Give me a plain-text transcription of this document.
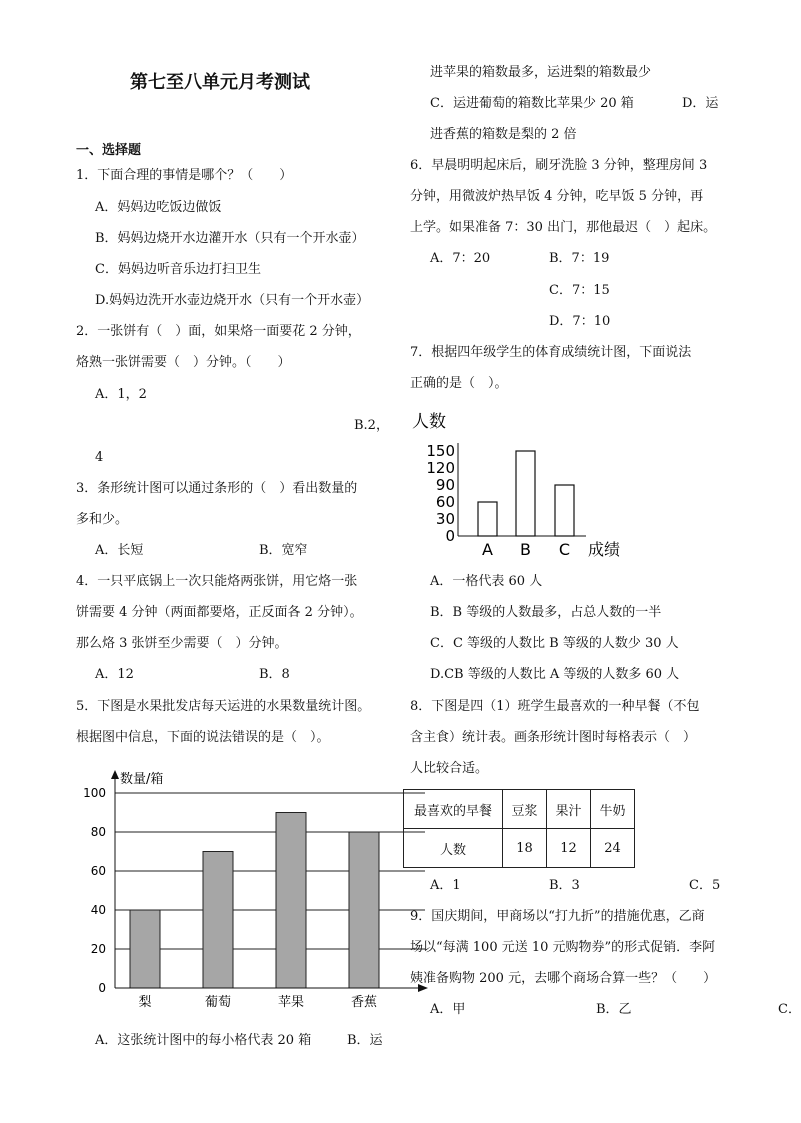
第七至八单元月考测试
一、选择题
1．下面合理的事情是哪个？（　　）
A．妈妈边吃饭边做饭
B．妈妈边烧开水边灌开水（只有一个开水壶）
C．妈妈边听音乐边打扫卫生
D.妈妈边洗开水壶边烧开水（只有一个开水壶）
2．一张饼有（　）面，如果烙一面要花 2 分钟，
烙熟一张饼需要（　）分钟。（　　）
A．1，2
B.2，
4
3．条形统计图可以通过条形的（　）看出数量的
多和少。
A．长短	B．宽窄
4．一只平底锅上一次只能烙两张饼，用它烙一张
饼需要 4 分钟（两面都要烙，正反面各 2 分钟）。
那么烙 3 张饼至少需要（　）分钟。
A．12	B．8
5．下图是水果批发店每天运进的水果数量统计图。
根据图中信息，下面的说法错误的是（　）。
0
20
40
60
80
100
梨	葡萄	苹果	香蕉
数量/箱
A．这张统计图中的每小格代表 20 箱	B．运
进苹果的箱数最多，运进梨的箱数最少
C．运进葡萄的箱数比苹果少 20 箱	D．运
进香蕉的箱数是梨的 2 倍
6．早晨明明起床后，刷牙洗脸 3 分钟，整理房间 3
分钟，用微波炉热早饭 4 分钟，吃早饭 5 分钟，再
上学。如果准备 7：30 出门，那他最迟（　）起床。
A．7：20	B．7：19
C．7：15
D．7：10
7．根据四年级学生的体育成绩统计图，下面说法
正确的是（　）。
0
30
60
90
120
150
A B C
人数
成绩
A．一格代表 60 人
B．B 等级的人数最多，占总人数的一半
C．C 等级的人数比 B 等级的人数少 30 人
D.CB 等级的人数比 A 等级的人数多 60 人
8．下图是四（1）班学生最喜欢的一种早餐（不包
含主食）统计表。画条形统计图时每格表示（　）
人比较合适。
最喜欢的早餐	豆浆	果汁	牛奶
人数	18	12	24
A．1	B．3	C．5
9．国庆期间，甲商场以“打九折”的措施优惠，乙商
场以“每满 100 元送 10 元购物券”的形式促销．李阿
姨准备购物 200 元，去哪个商场合算一些？（　　）
A．甲	B．乙	C．
